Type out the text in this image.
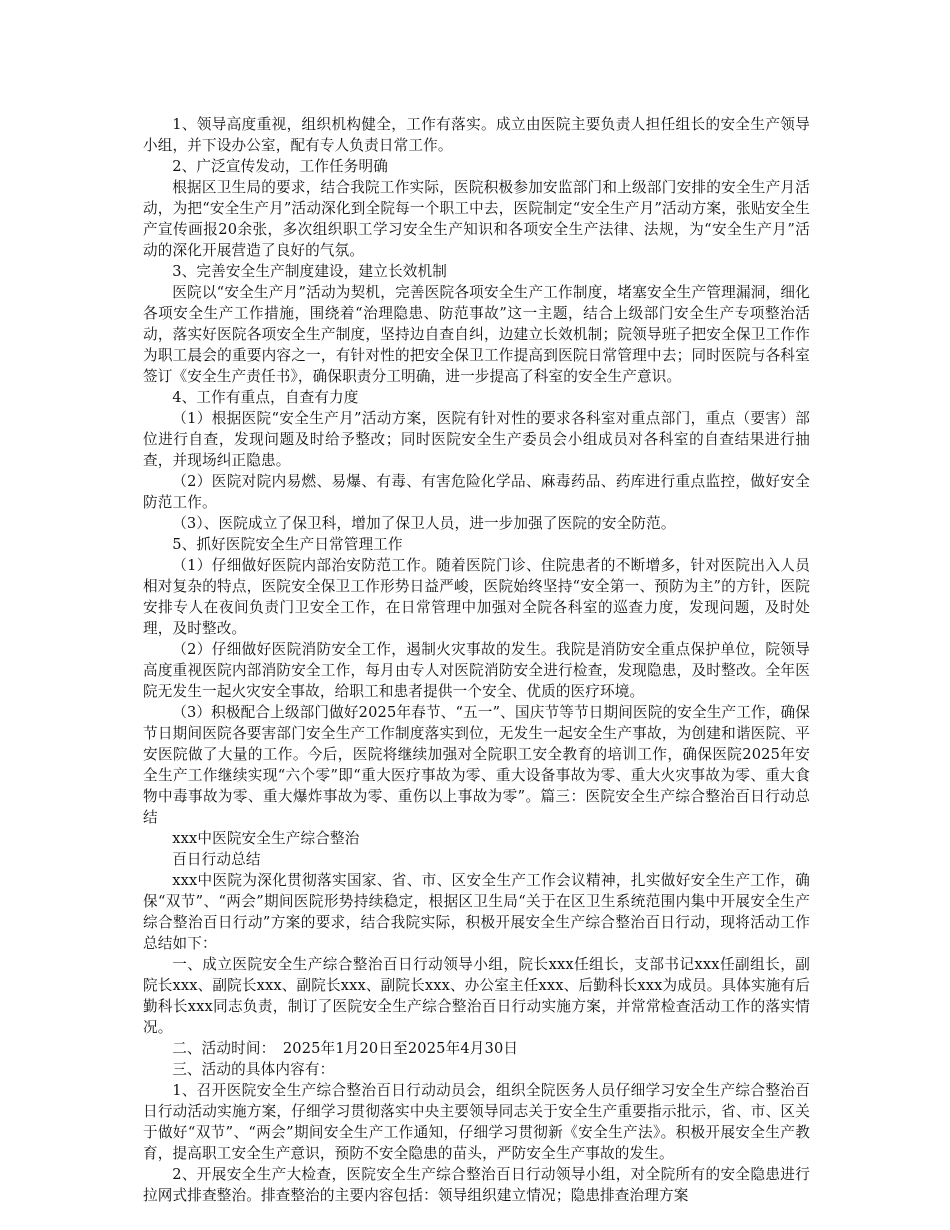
1、领导高度重视，组织机构健全，工作有落实。成立由医院主要负责人担任组长的安全生产领导小组，并下设办公室，配有专人负责日常工作。

2、广泛宣传发动，工作任务明确

根据区卫生局的要求，结合我院工作实际，医院积极参加安监部门和上级部门安排的安全生产月活动，为把“安全生产月”活动深化到全院每一个职工中去，医院制定“安全生产月”活动方案，张贴安全生产宣传画报20余张，多次组织职工学习安全生产知识和各项安全生产法律、法规，为“安全生产月”活动的深化开展营造了良好的气氛。

3、完善安全生产制度建设，建立长效机制

医院以“安全生产月”活动为契机，完善医院各项安全生产工作制度，堵塞安全生产管理漏洞，细化各项安全生产工作措施，围绕着“治理隐患、防范事故”这一主题，结合上级部门安全生产专项整治活动，落实好医院各项安全生产制度，坚持边自查自纠，边建立长效机制；院领导班子把安全保卫工作作为职工晨会的重要内容之一，有针对性的把安全保卫工作提高到医院日常管理中去；同时医院与各科室签订《安全生产责任书》，确保职责分工明确，进一步提高了科室的安全生产意识。

4、工作有重点，自查有力度

（1）根据医院“安全生产月”活动方案，医院有针对性的要求各科室对重点部门，重点（要害）部位进行自查，发现问题及时给予整改；同时医院安全生产委员会小组成员对各科室的自查结果进行抽查，并现场纠正隐患。

（2）医院对院内易燃、易爆、有毒、有害危险化学品、麻毒药品、药库进行重点监控，做好安全防范工作。

（3）、医院成立了保卫科，增加了保卫人员，进一步加强了医院的安全防范。

5、抓好医院安全生产日常管理工作

（1）仔细做好医院内部治安防范工作。随着医院门诊、住院患者的不断增多，针对医院出入人员相对复杂的特点，医院安全保卫工作形势日益严峻，医院始终坚持“安全第一、预防为主”的方针，医院安排专人在夜间负责门卫安全工作，在日常管理中加强对全院各科室的巡查力度，发现问题，及时处理，及时整改。

（2）仔细做好医院消防安全工作，遏制火灾事故的发生。我院是消防安全重点保护单位，院领导高度重视医院内部消防安全工作，每月由专人对医院消防安全进行检查，发现隐患，及时整改。全年医院无发生一起火灾安全事故，给职工和患者提供一个安全、优质的医疗环境。

（3）积极配合上级部门做好2025年春节、“五一”、国庆节等节日期间医院的安全生产工作，确保节日期间医院各要害部门安全生产工作制度落实到位，无发生一起安全生产事故，为创建和谐医院、平安医院做了大量的工作。今后，医院将继续加强对全院职工安全教育的培训工作，确保医院2025年安全生产工作继续实现“六个零”即“重大医疗事故为零、重大设备事故为零、重大火灾事故为零、重大食物中毒事故为零、重大爆炸事故为零、重伤以上事故为零”。篇三：医院安全生产综合整治百日行动总结

xxx中医院安全生产综合整治

百日行动总结

xxx中医院为深化贯彻落实国家、省、市、区安全生产工作会议精神，扎实做好安全生产工作，确保“双节”、“两会”期间医院形势持续稳定，根据区卫生局“关于在区卫生系统范围内集中开展安全生产综合整治百日行动”方案的要求，结合我院实际，积极开展安全生产综合整治百日行动，现将活动工作总结如下：

一、成立医院安全生产综合整治百日行动领导小组，院长xxx任组长，支部书记xxx任副组长，副院长xxx、副院长xxx、副院长xxx、副院长xxx、办公室主任xxx、后勤科长xxx为成员。具体实施有后勤科长xxx同志负责，制订了医院安全生产综合整治百日行动实施方案，并常常检查活动工作的落实情况。

二、活动时间：　2025年1月20日至2025年4月30日

三、活动的具体内容有：

1、召开医院安全生产综合整治百日行动动员会，组织全院医务人员仔细学习安全生产综合整治百日行动活动实施方案，仔细学习贯彻落实中央主要领导同志关于安全生产重要指示批示，省、市、区关于做好“双节”、“两会”期间安全生产工作通知，仔细学习贯彻新《安全生产法》。积极开展安全生产教育，提高职工安全生产意识，预防不安全隐患的苗头，严防安全生产事故的发生。

2、开展安全生产大检查，医院安全生产综合整治百日行动领导小组，对全院所有的安全隐患进行拉网式排查整治。排查整治的主要内容包括：领导组织建立情况；隐患排查治理方案
